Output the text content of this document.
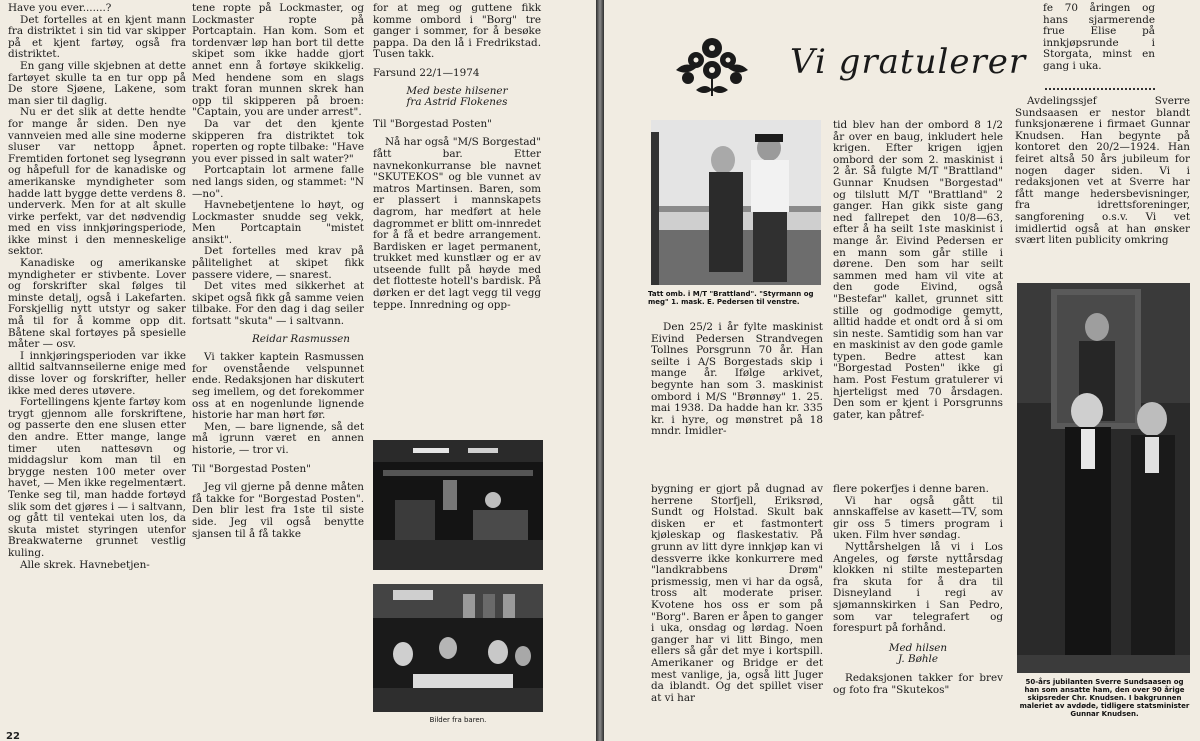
Have you ever.......?

Det fortelles at en kjent mann fra distriktet i sin tid var skipper på et kjent fartøy, også fra distriktet.

En gang ville skjebnen at dette fartøyet skulle ta en tur opp på De store Sjøene, Lakene, som man sier til daglig.

Nu er det slik at dette hendte for mange år siden. Den nye vannveien med alle sine moderne sluser var nettopp åpnet. Fremtiden fortonet seg lysegrønn og håpefull for de kanadiske og amerikanske myndigheter som hadde latt bygge dette verdens 8. underverk. Men for at alt skulle virke perfekt, var det nødvendig med en viss innkjøringsperiode, ikke minst i den menneskelige sektor.

Kanadiske og amerikanske myndigheter er stivbente. Lover og forskrifter skal følges til minste detalj, også i Lakefarten. Forskjellig nytt utstyr og saker må til for å komme opp dit. Båtene skal fortøyes på spesielle måter — osv.

I innkjøringsperioden var ikke alltid saltvannseilerne enige med disse lover og forskrifter, heller ikke med deres utøvere.

Fortellingens kjente fartøy kom trygt gjennom alle forskriftene, og passerte den ene slusen etter den andre. Etter mange, lange timer uten nattesøvn og middagslur kom man til en brygge nesten 100 meter over havet, — Men ikke regelmentært. Tenke seg til, man hadde fortøyd slik som det gjøres i — i saltvann, og gått til ventekai uten los, da skuta mistet styringen utenfor Breakwaterne grunnet vestlig kuling.

Alle skrek. Havnebetjen-

tene ropte på Lockmaster, og Lockmaster ropte på Portcaptain. Han kom. Som et tordenvær løp han bort til dette skipet som ikke hadde gjort annet enn å fortøye skikkelig. Med hendene som en slags trakt foran munnen skrek han opp til skipperen på broen: "Captain, you are under arrest".

Da var det den kjente skipperen fra distriktet tok roperten og ropte tilbake: "Have you ever pissed in salt water?"

Portcaptain lot armene falle ned langs siden, og stammet: "N—no".

Havnebetjentene lo høyt, og Lockmaster snudde seg vekk, Men Portcaptain "mistet ansikt".

Det fortelles med krav på pålitelighet at skipet fikk passere videre, — snarest.

Det vites med sikkerhet at skipet også fikk gå samme veien tilbake. For den dag i dag seiler fortsatt "skuta" — i saltvann.

Reidar Rasmussen

Vi takker kaptein Rasmussen for ovenstående velspunnet ende. Redaksjonen har diskutert seg imellem, og det forekommer oss at en nogenlunde lignende historie har man hørt før.

Men, — bare lignende, så det må igrunn været en annen historie, — tror vi.

Til "Borgestad Posten"

Jeg vil gjerne på denne måten få takke for "Borgestad Posten". Den blir lest fra 1ste til siste side. Jeg vil også benytte sjansen til å få takke

for at meg og guttene fikk komme ombord i "Borg" tre ganger i sommer, for å besøke pappa. Da den lå i Fredrikstad. Tusen takk.

Farsund 22/1—1974

Med beste hilsener

fra Astrid Flokenes

Til "Borgestad Posten"

Nå har også "M/S Borgestad" fått bar. Etter navnekonkurranse ble navnet "SKUTEKOS" og ble vunnet av matros Martinsen. Baren, som er plassert i mannskapets dagrom, har medført at hele dagrommet er blitt om-innredet for å få et bedre arrangement. Bardisken er laget permanent, trukket med kunstlær og er av utseende fullt på høyde med det flotteste hotell's bardisk. På dørken er det lagt vegg til vegg teppe. Innredning og opp-

Bilder fra baren.
22
Vi gratulerer

fe 70 åringen og hans sjarmerende frue Elise på innkjøpsrunde i Storgata, minst en gang i uka.

Tatt omb. i M/T "Brattland". "Styrmann og meg" 1. mask. E. Pedersen til venstre.

Den 25/2 i år fylte maskinist Eivind Pedersen Strandvegen Tollnes Porsgrunn 70 år. Han seilte i A/S Borgestads skip i mange år. Ifølge arkivet, begynte han som 3. maskinist ombord i M/S "Brønnøy" 1. 25. mai 1938. Da hadde han kr. 335 kr. i hyre, og mønstret på 18 mndr. Imidler-

tid blev han der ombord 8 1/2 år over en baug, inkludert hele krigen. Efter krigen igjen ombord der som 2. maskinist i 2 år. Så fulgte M/T "Brattland" Gunnar Knudsen "Borgestad" og tilslutt M/T "Brattland" 2 ganger. Han gikk siste gang ned fallrepet den 10/8—63, efter å ha seilt 1ste maskinist i mange år. Eivind Pedersen er en mann som går stille i dørene. Den som har seilt sammen med ham vil vite at den gode Eivind, også "Bestefar" kallet, grunnet sitt stille og godmodige gemytt, alltid hadde et ondt ord å si om sin neste. Samtidig som han var en maskinist av den gode gamle typen. Bedre attest kan "Borgestad Posten" ikke gi ham. Post Festum gratulerer vi hjerteligst med 70 årsdagen. Den som er kjent i Porsgrunns gater, kan påtref-

bygning er gjort på dugnad av herrene Storfjell, Eriksrød, Sundt og Holstad. Skult bak disken er et fastmontert kjøleskap og flaskestativ. På grunn av litt dyre innkjøp kan vi dessverre ikke konkurrere med "landkrabbens Drøm" prismessig, men vi har da også, tross alt moderate priser. Kvotene hos oss er som på "Borg". Baren er åpen to ganger i uka, onsdag og lørdag. Noen ganger har vi litt Bingo, men ellers så går det mye i kortspill. Amerikaner og Bridge er det mest vanlige, ja, også litt Juger da iblandt. Og det spillet viser at vi har

flere pokerfjes i denne baren.

Vi har også gått til annskaffelse av kasett—TV, som gir oss 5 timers program i uken. Film hver søndag.

Nyttårshelgen lå vi i Los Angeles, og første nyttårsdag klokken ni stilte mesteparten fra skuta for å dra til Disneyland i regi av sjømannskirken i San Pedro, som var telegrafert og forespurt på forhånd.

Med hilsen

J. Bøhle

Redaksjonen takker for brev og foto fra "Skutekos"

Avdelingssjef Sverre Sundsaasen er nestor blandt funksjonærene i firmaet Gunnar Knudsen. Han begynte på kontoret den 20/2—1924. Han feiret altså 50 års jubileum for nogen dager siden. Vi i redaksjonen vet at Sverre har fått mange hedersbevisninger, fra idrettsforeninger, sangforening o.s.v. Vi vet imidlertid også at han ønsker svært liten publicity omkring

50-års jubilanten Sverre Sundsaasen og han som ansatte ham, den over 90 årige skipsreder Chr. Knudsen. I bakgrunnen maleriet av avdøde, tidligere statsminister Gunnar Knudsen.
